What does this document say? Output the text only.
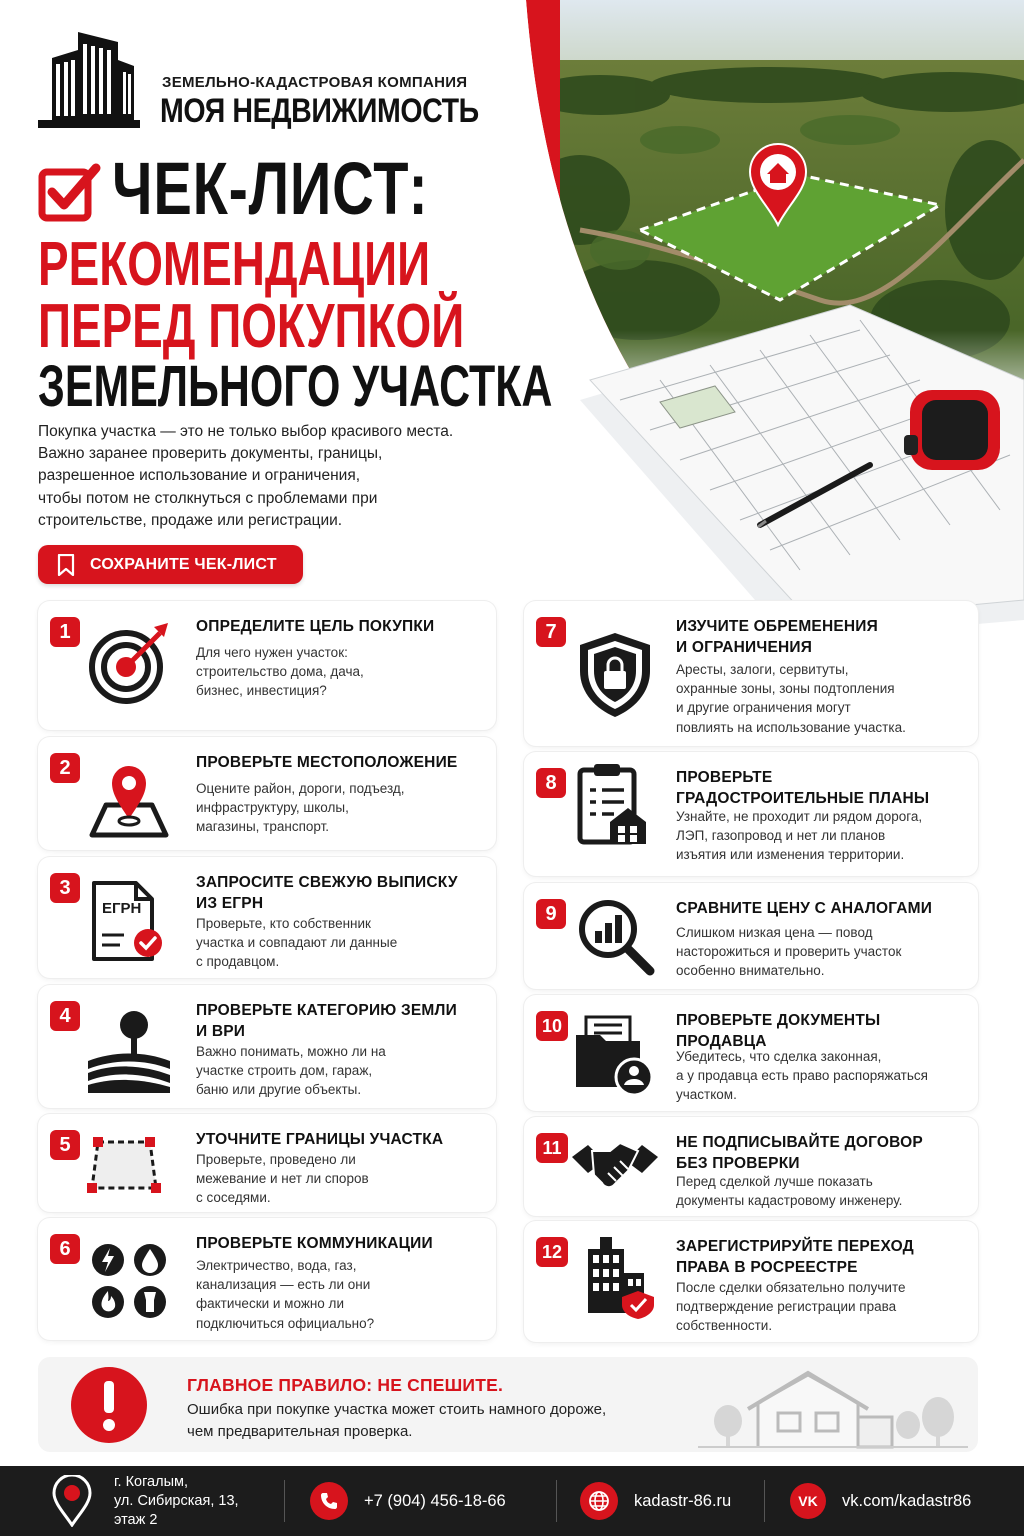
ЗЕМЕЛЬНО-КАДАСТРОВАЯ КОМПАНИЯ
МОЯ НЕДВИЖИМОСТЬ
ЧЕК-ЛИСТ:
РЕКОМЕНДАЦИИ
ПЕРЕД ПОКУПКОЙ
ЗЕМЕЛЬНОГО УЧАСТКА
Покупка участка — это не только выбор красивого места.
Важно заранее проверить документы, границы,
разрешенное использование и ограничения,
чтобы потом не столкнуться с проблемами при
строительстве, продаже или регистрации.
СОХРАНИТЕ ЧЕК-ЛИСТ
1	ОПРЕДЕЛИТЕ ЦЕЛЬ ПОКУПКИ
Для чего нужен участок:
строительство дома, дача,
бизнес, инвестиция?
2	ПРОВЕРЬТЕ МЕСТОПОЛОЖЕНИЕ
Оцените район, дороги, подъезд,
инфраструктуру, школы,
магазины, транспорт.
3
ЕГРН
ЗАПРОСИТЕ СВЕЖУЮ ВЫПИСКУ
ИЗ ЕГРН
Проверьте, кто собственник
участка и совпадают ли данные
с продавцом.
4	ПРОВЕРЬТЕ КАТЕГОРИЮ ЗЕМЛИ
И ВРИ
Важно понимать, можно ли на
участке строить дом, гараж,
баню или другие объекты.
5	УТОЧНИТЕ ГРАНИЦЫ УЧАСТКА
Проверьте, проведено ли
межевание и нет ли споров
с соседями.
6	ПРОВЕРЬТЕ КОММУНИКАЦИИ
Электричество, вода, газ,
канализация — есть ли они
фактически и можно ли
подключиться официально?
7	ИЗУЧИТЕ ОБРЕМЕНЕНИЯ
И ОГРАНИЧЕНИЯ
Аресты, залоги, сервитуты,
охранные зоны, зоны подтопления
и другие ограничения могут
повлиять на использование участка.
8	ПРОВЕРЬТЕ
ГРАДОСТРОИТЕЛЬНЫЕ ПЛАНЫ
Узнайте, не проходит ли рядом дорога,
ЛЭП, газопровод и нет ли планов
изъятия или изменения территории.
9	СРАВНИТЕ ЦЕНУ С АНАЛОГАМИ
Слишком низкая цена — повод
насторожиться и проверить участок
особенно внимательно.
10	ПРОВЕРЬТЕ ДОКУМЕНТЫ
ПРОДАВЦА
Убедитесь, что сделка законная,
а у продавца есть право распоряжаться
участком.
11	НЕ ПОДПИСЫВАЙТЕ ДОГОВОР
БЕЗ ПРОВЕРКИ
Перед сделкой лучше показать
документы кадастровому инженеру.
12	ЗАРЕГИСТРИРУЙТЕ ПЕРЕХОД
ПРАВА В РОСРЕЕСТРЕ
После сделки обязательно получите
подтверждение регистрации права
собственности.
ГЛАВНОЕ ПРАВИЛО: НЕ СПЕШИТЕ.
Ошибка при покупке участка может стоить намного дороже,
чем предварительная проверка.
г. Когалым,
ул. Сибирская, 13,
этаж 2
+7 (904) 456-18-66	kadastr-86.ru	VK vk.com/kadastr86
